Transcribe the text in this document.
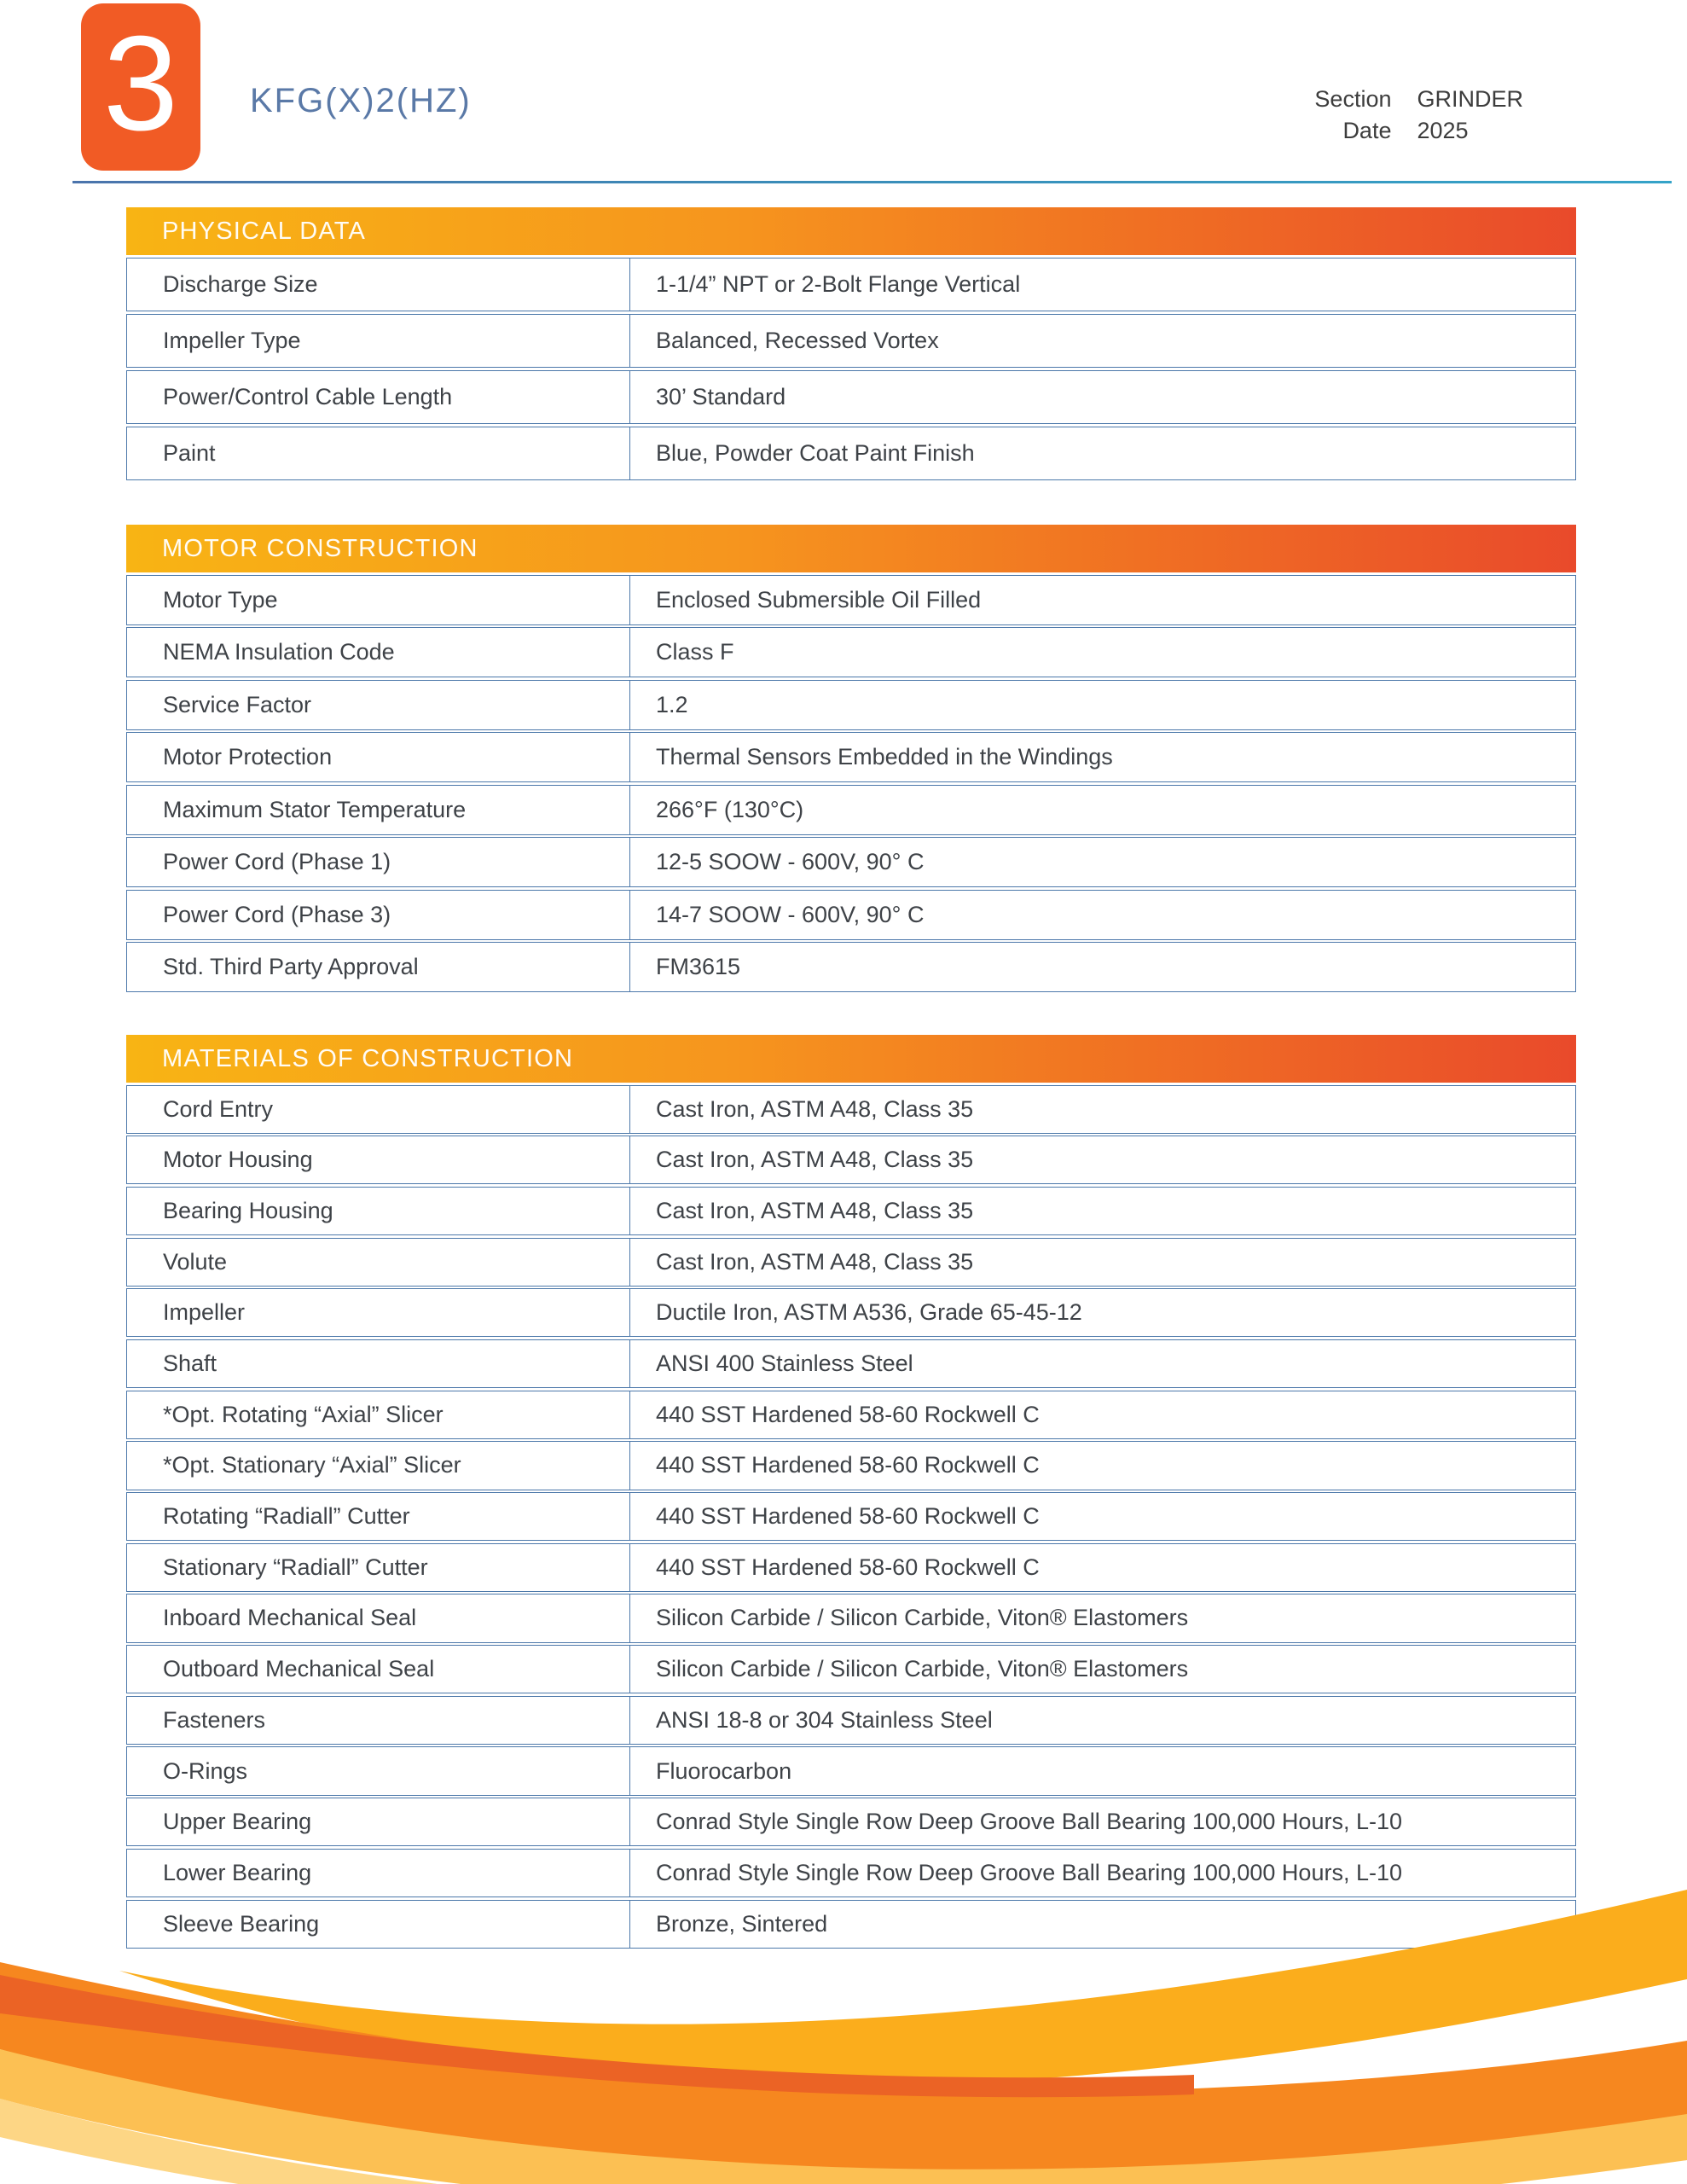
3 KFG(X)2(HZ)	Section GRINDER
Date 2025
PHYSICAL DATA
Discharge Size	1-1/4” NPT or 2-Bolt Flange Vertical
Impeller Type	Balanced, Recessed Vortex
Power/Control Cable Length	30’ Standard
Paint	Blue, Powder Coat Paint Finish
MOTOR CONSTRUCTION
Motor Type	Enclosed Submersible Oil Filled
NEMA Insulation Code	Class F
Service Factor	1.2
Motor Protection	Thermal Sensors Embedded in the Windings
Maximum Stator Temperature	266°F (130°C)
Power Cord (Phase 1)	12-5 SOOW - 600V, 90° C
Power Cord (Phase 3)	14-7 SOOW - 600V, 90° C
Std. Third Party Approval	FM3615
MATERIALS OF CONSTRUCTION
Cord Entry	Cast Iron, ASTM A48, Class 35
Motor Housing	Cast Iron, ASTM A48, Class 35
Bearing Housing	Cast Iron, ASTM A48, Class 35
Volute	Cast Iron, ASTM A48, Class 35
Impeller	Ductile Iron, ASTM A536, Grade 65-45-12
Shaft	ANSI 400 Stainless Steel
*Opt. Rotating “Axial” Slicer	440 SST Hardened 58-60 Rockwell C
*Opt. Stationary “Axial” Slicer	440 SST Hardened 58-60 Rockwell C
Rotating “Radiall” Cutter	440 SST Hardened 58-60 Rockwell C
Stationary “Radiall” Cutter	440 SST Hardened 58-60 Rockwell C
Inboard Mechanical Seal	Silicon Carbide / Silicon Carbide, Viton® Elastomers
Outboard Mechanical Seal	Silicon Carbide / Silicon Carbide, Viton® Elastomers
Fasteners	ANSI 18-8 or 304 Stainless Steel
O-Rings	Fluorocarbon
Upper Bearing	Conrad Style Single Row Deep Groove Ball Bearing 100,000 Hours, L-10
Lower Bearing	Conrad Style Single Row Deep Groove Ball Bearing 100,000 Hours, L-10
Sleeve Bearing	Bronze, Sintered
